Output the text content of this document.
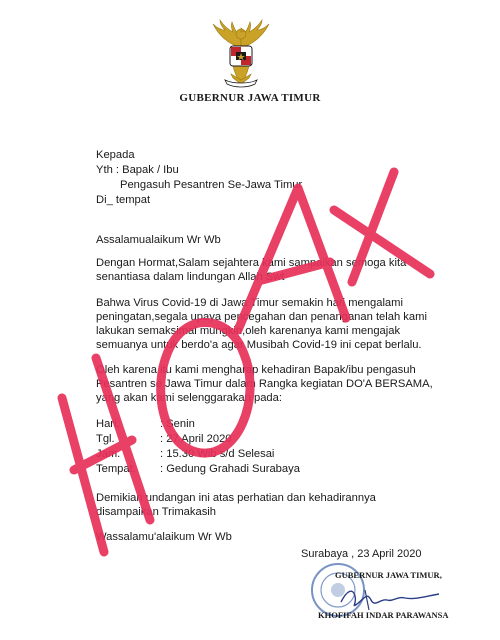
GUBERNUR JAWA TIMUR
Kepada
Yth : Bapak / Ibu
Pengasuh Pesantren Se-Jawa Timur
Di_ tempat
Assalamualaikum Wr Wb
Dengan Hormat,Salam sejahtera kami sampaikan semoga kita
senantiasa dalam lindungan Allah Swt
Bahwa Virus Covid-19 di Jawa Timur semakin hari mengalami
peningatan,segala upaya pencegahan dan penanganan telah kami
lakukan semaksimal mungkin,oleh karenanya kami mengajak
semuanya untuk berdo'a agar Musibah Covid-19 ini cepat berlalu.
Oleh karena itu kami mengharap kehadiran Bapak/ibu pengasuh
Pesantren se Jawa Timur dalam Rangka kegiatan DO'A BERSAMA,
yang akan kami selenggarakan pada:
Hari.	: Senin
Tgl.	: 27 April 2020
Jam.	: 15.30 Wib s/d Selesai
Tempat. : Gedung Grahadi Surabaya
Demikian undangan ini atas perhatian dan kehadirannya
disampaikan Trimakasih
Wassalamu'alaikum Wr Wb
Surabaya , 23 April 2020
GUBERNUR JAWA TIMUR,
KHOFIFAH INDAR PARAWANSA
